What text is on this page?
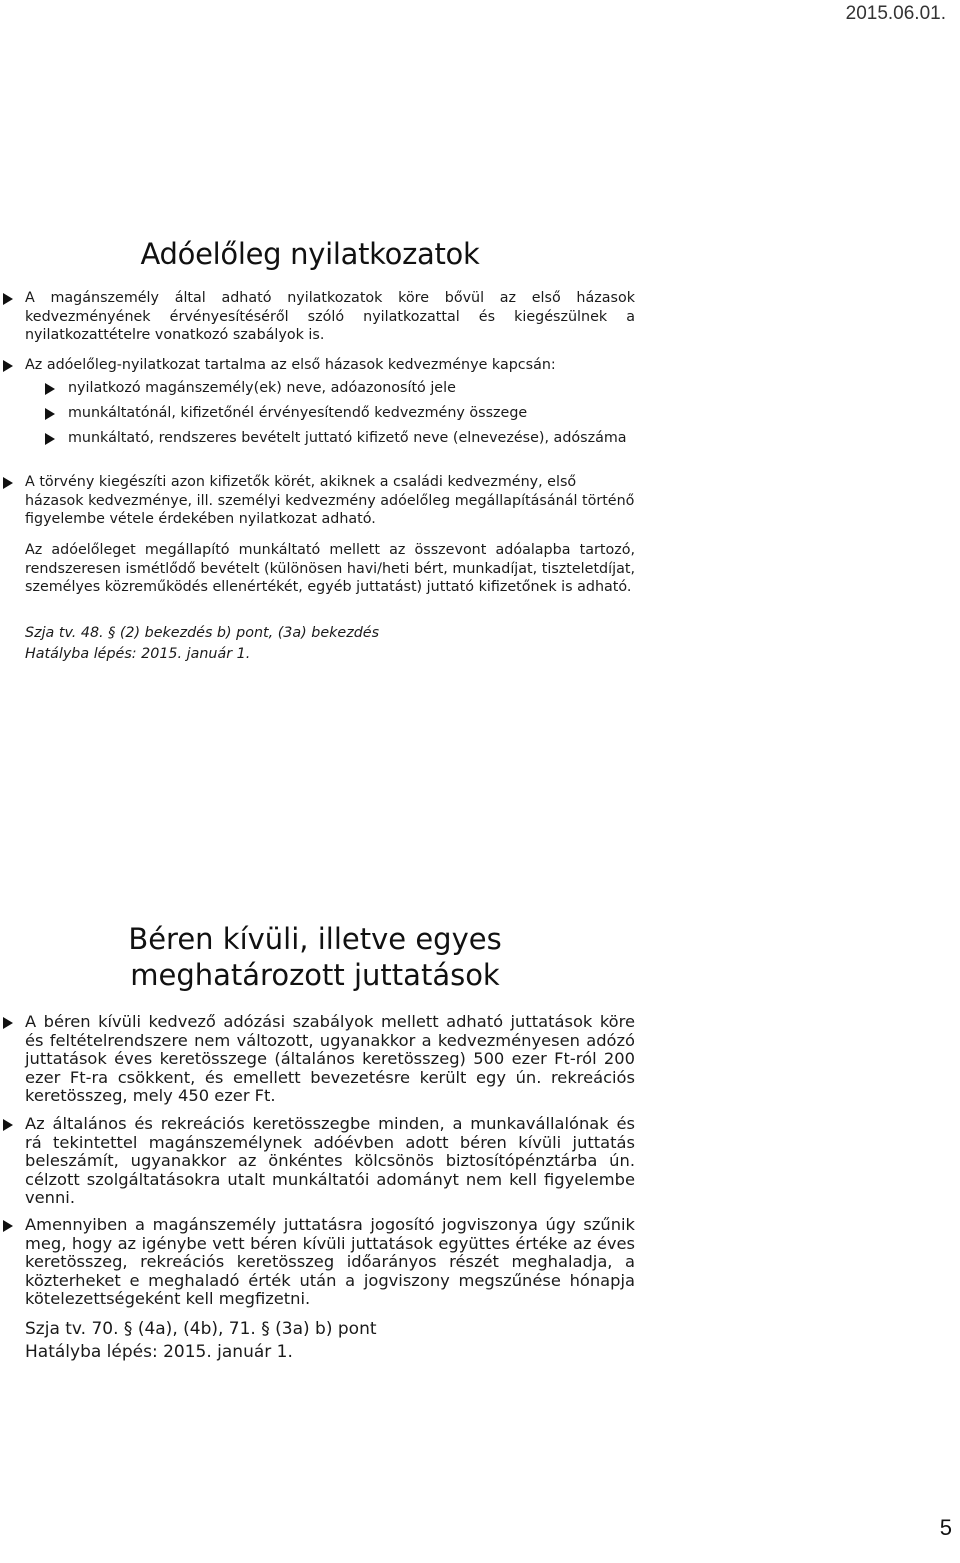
2015.06.01.
Adóelőleg nyilatkozatok
A magánszemély által adható nyilatkozatok köre bővül az első házasok kedvezményének érvényesítéséről szóló nyilatkozattal és kiegészülnek a nyilatkozattételre vonatkozó szabályok is.
Az adóelőleg-nyilatkozat tartalma az első házasok kedvezménye kapcsán:
nyilatkozó magánszemély(ek) neve, adóazonosító jele
munkáltatónál, kifizetőnél érvényesítendő kedvezmény összege
munkáltató, rendszeres bevételt juttató kifizető neve (elnevezése), adószáma
A törvény kiegészíti azon kifizetők körét, akiknek a családi kedvezmény, első házasok kedvezménye, ill. személyi kedvezmény adóelőleg megállapításánál történő figyelembe vétele érdekében nyilatkozat adható.
Az adóelőleget megállapító munkáltató mellett az összevont adóalapba tartozó, rendszeresen ismétlődő bevételt (különösen havi/heti bért, munkadíjat, tiszteletdíjat, személyes közreműködés ellenértékét, egyéb juttatást) juttató kifizetőnek is adható.
Szja tv. 48. § (2) bekezdés b) pont, (3a) bekezdés
Hatályba lépés: 2015. január 1.
Béren kívüli, illetve egyes meghatározott juttatások
A béren kívüli kedvező adózási szabályok mellett adható juttatások köre és feltételrendszere nem változott, ugyanakkor a kedvezményesen adózó juttatások éves keretösszege (általános keretösszeg) 500 ezer Ft-ról 200 ezer Ft-ra csökkent, és emellett bevezetésre került egy ún. rekreációs keretösszeg, mely 450 ezer Ft.
Az általános és rekreációs keretösszegbe minden, a munkavállalónak és rá tekintettel magánszemélynek adóévben adott béren kívüli juttatás beleszámít, ugyanakkor az önkéntes kölcsönös biztosítópénztárba ún. célzott szolgáltatásokra utalt munkáltatói adományt nem kell figyelembe venni.
Amennyiben a magánszemély juttatásra jogosító jogviszonya úgy szűnik meg, hogy az igénybe vett béren kívüli juttatások együttes értéke az éves keretösszeg, rekreációs keretösszeg időarányos részét meghaladja, a közterheket e meghaladó érték után a jogviszony megszűnése hónapja kötelezettségeként kell megfizetni.
Szja tv. 70. § (4a), (4b), 71. § (3a) b) pont
Hatályba lépés: 2015. január 1.
5
